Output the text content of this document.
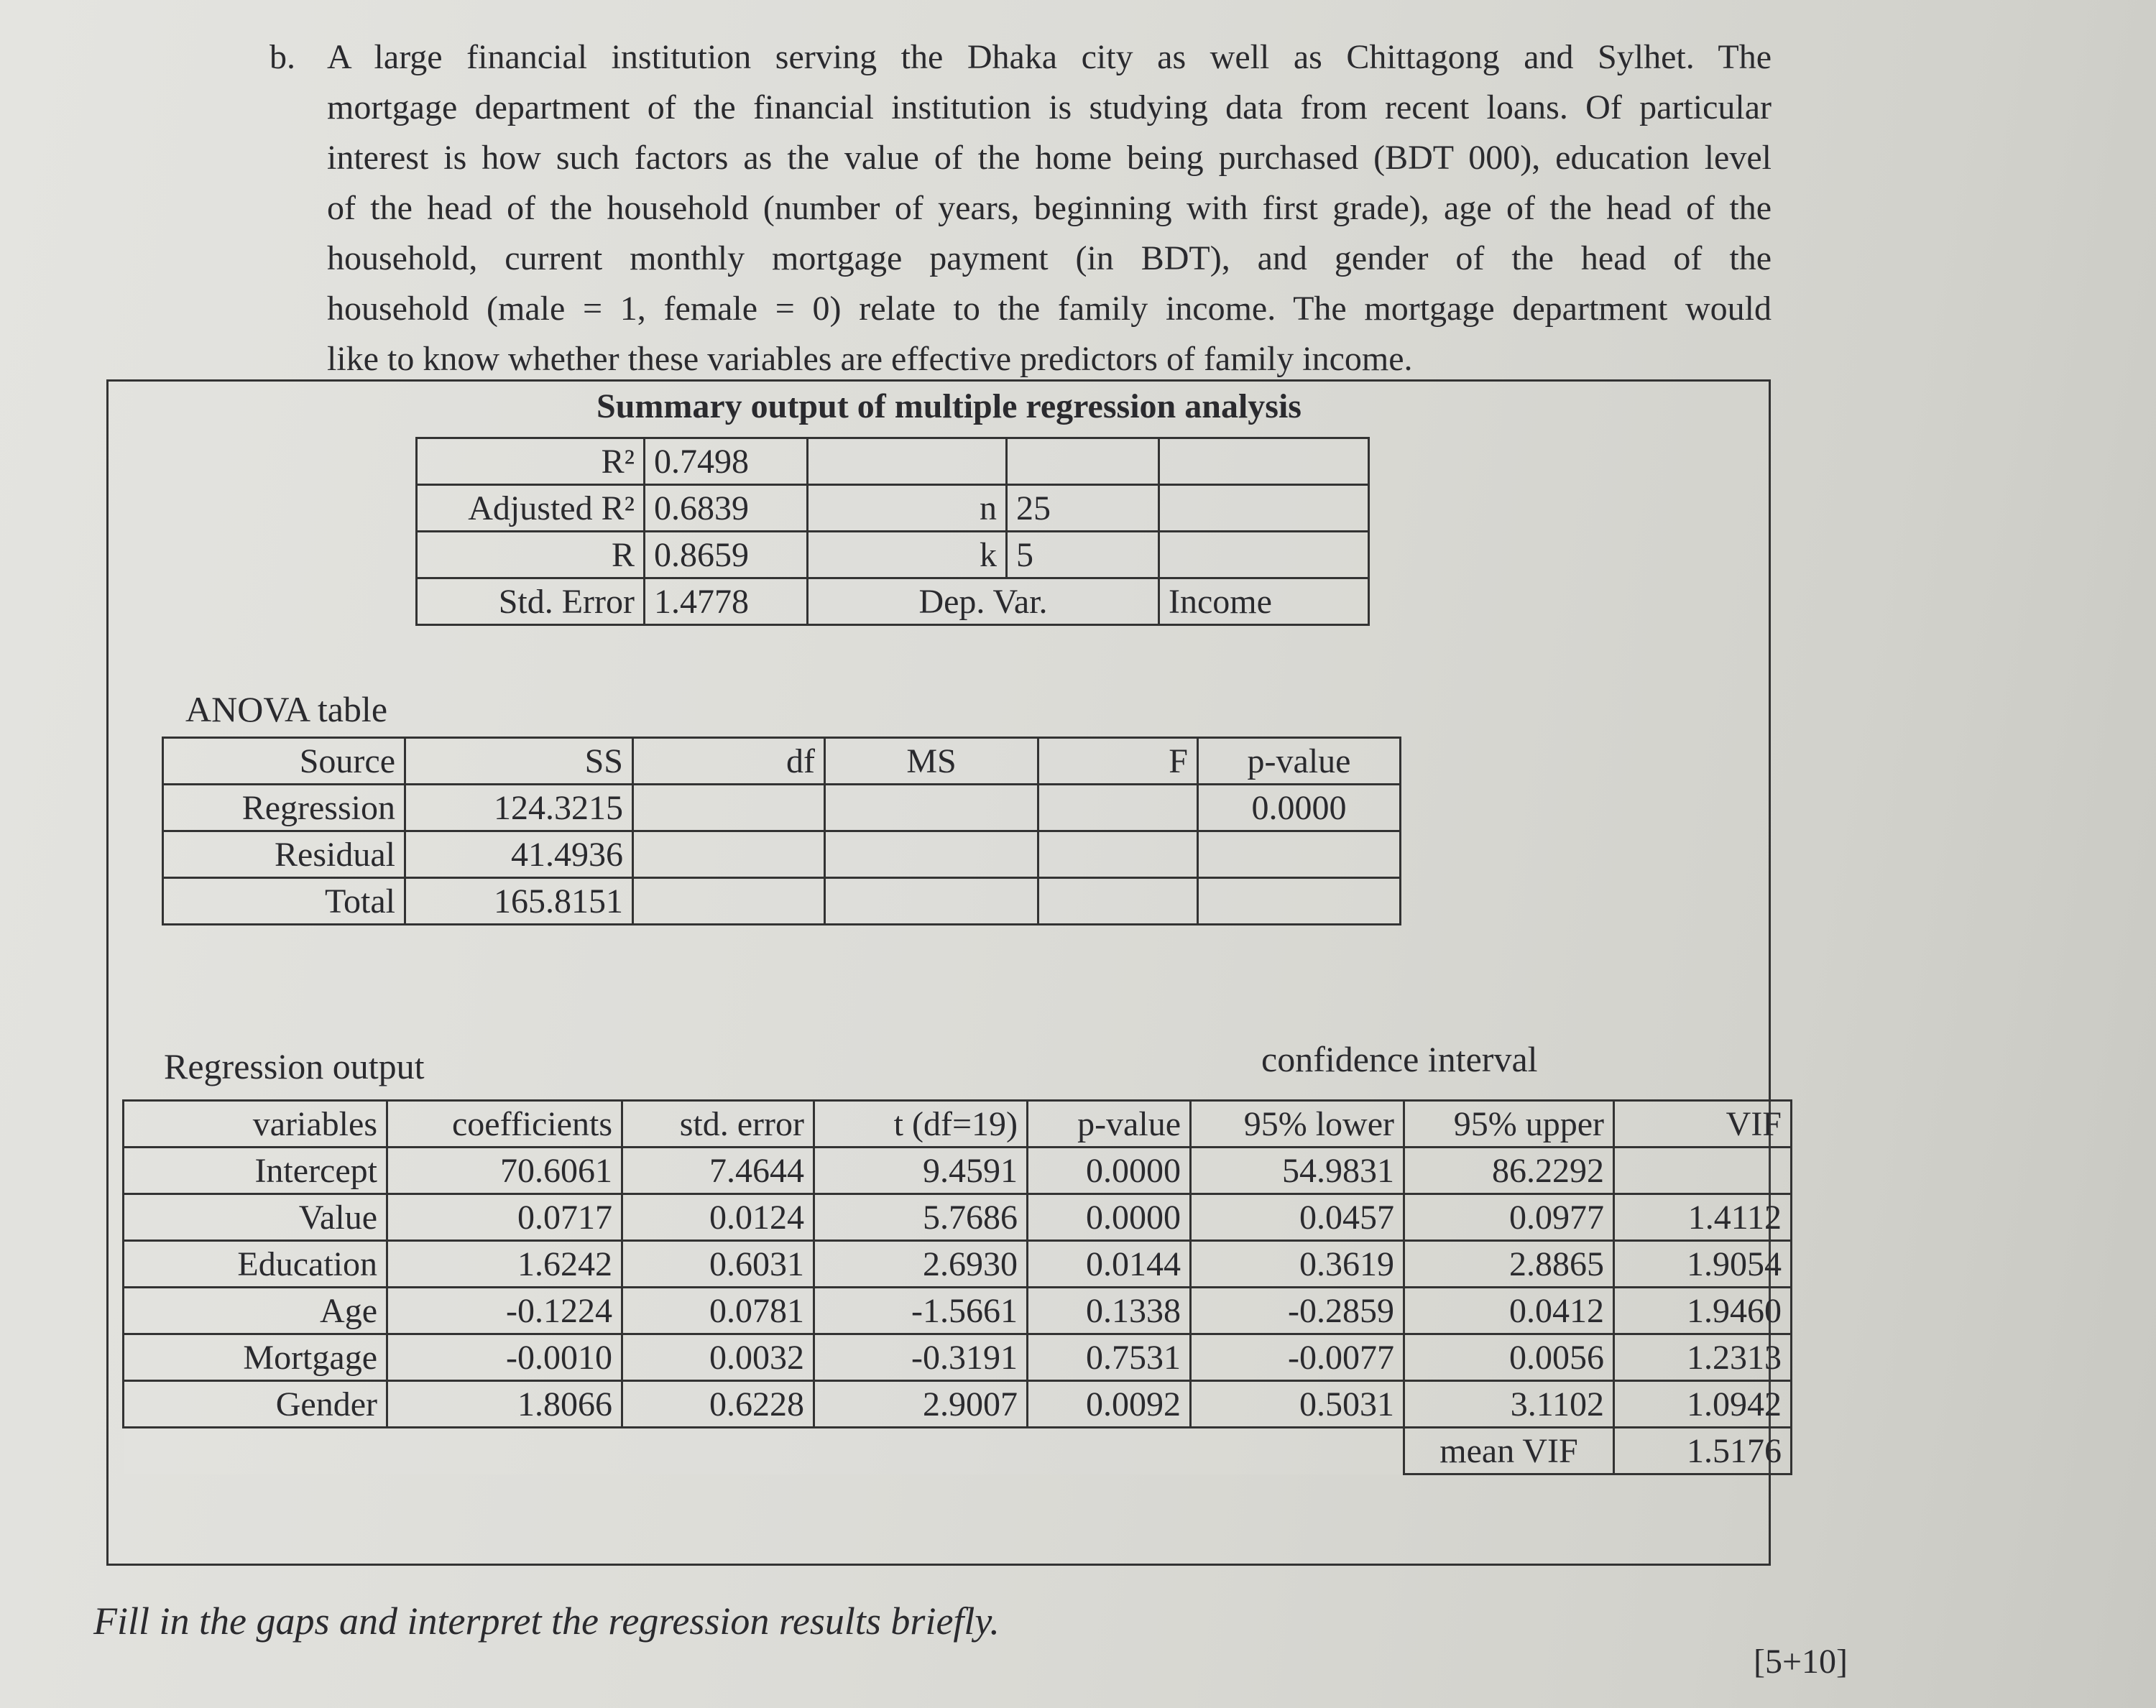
b. A large financial institution serving the Dhaka city as well as Chittagong and Sylhet. The
mortgage department of the financial institution is studying data from recent loans. Of particular
interest is how such factors as the value of the home being purchased (BDT 000), education level
of the head of the household (number of years, beginning with first grade), age of the head of the
household, current monthly mortgage payment (in BDT), and gender of the head of the
household (male = 1, female = 0) relate to the family income. The mortgage department would
like to know whether these variables are effective predictors of family income.
Summary output of multiple regression analysis
R²	0.7498			
Adjusted R²	0.6839	n	25	
R	0.8659	k	5	
Std. Error	1.4778	Dep. Var.		Income
ANOVA table
Source	SS	df	MS	F	p-value
Regression	124.3215				0.0000
Residual	41.4936				
Total	165.8151				
Regression output	confidence interval
variables	coefficients	std. error	t (df=19)	p-value	95% lower	95% upper	VIF
Intercept	70.6061	7.4644	9.4591	0.0000	54.9831	86.2292	
Value	0.0717	0.0124	5.7686	0.0000	0.0457	0.0977	1.4112
Education	1.6242	0.6031	2.6930	0.0144	0.3619	2.8865	1.9054
Age	-0.1224	0.0781	-1.5661	0.1338	-0.2859	0.0412	1.9460
Mortgage	-0.0010	0.0032	-0.3191	0.7531	-0.0077	0.0056	1.2313
Gender	1.8066	0.6228	2.9007	0.0092	0.5031	3.1102	1.0942
						mean VIF	1.5176
Fill in the gaps and interpret the regression results briefly.
[5+10]
